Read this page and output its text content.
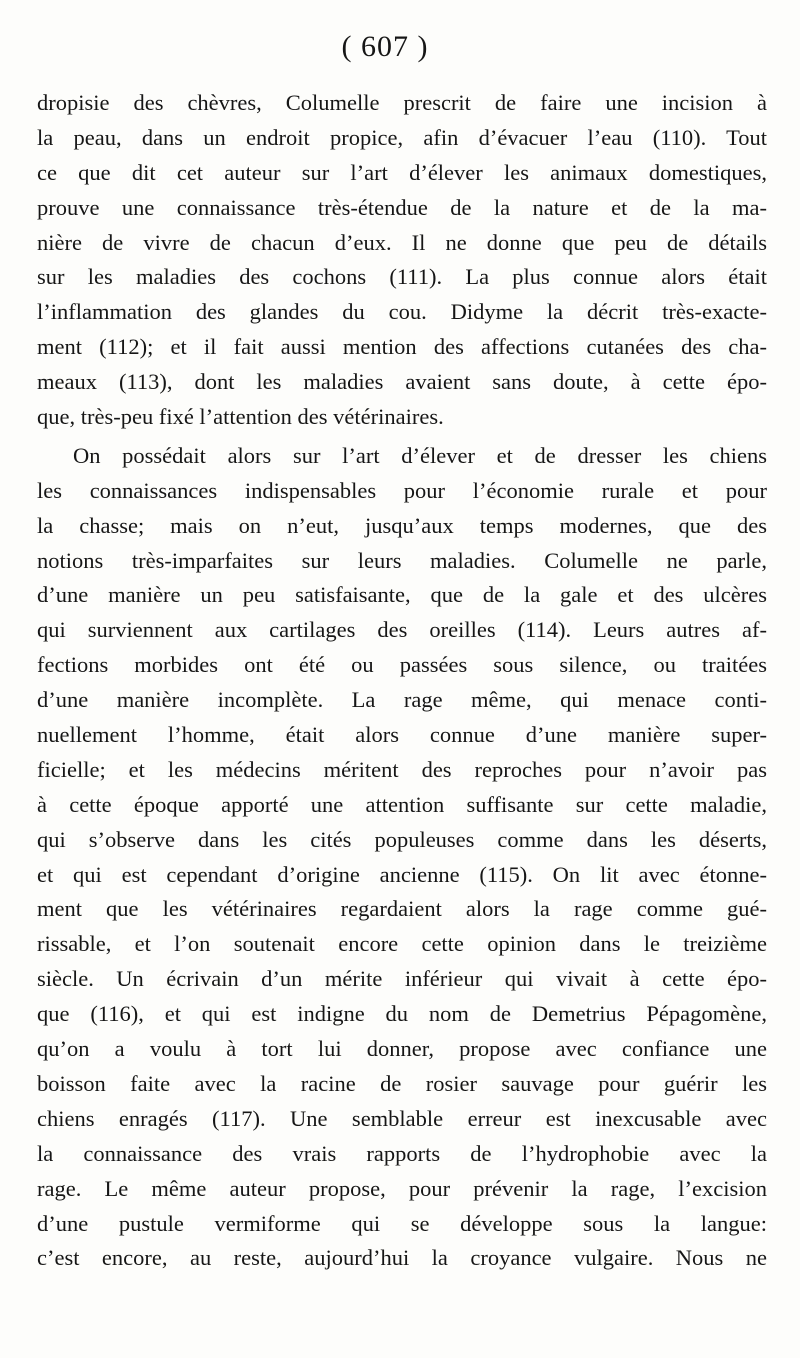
( 607 )
dropisie des chèvres, Columelle prescrit de faire une incision à
la peau, dans un endroit propice, afin d’évacuer l’eau (110). Tout
ce que dit cet auteur sur l’art d’élever les animaux domestiques,
prouve une connaissance très-étendue de la nature et de la ma-
nière de vivre de chacun d’eux. Il ne donne que peu de détails
sur les maladies des cochons (111). La plus connue alors était
l’inflammation des glandes du cou. Didyme la décrit très-exacte-
ment (112); et il fait aussi mention des affections cutanées des cha-
meaux (113), dont les maladies avaient sans doute, à cette épo-
que, très-peu fixé l’attention des vétérinaires.
On possédait alors sur l’art d’élever et de dresser les chiens
les connaissances indispensables pour l’économie rurale et pour
la chasse; mais on n’eut, jusqu’aux temps modernes, que des
notions très-imparfaites sur leurs maladies. Columelle ne parle,
d’une manière un peu satisfaisante, que de la gale et des ulcères
qui surviennent aux cartilages des oreilles (114). Leurs autres af-
fections morbides ont été ou passées sous silence, ou traitées
d’une manière incomplète. La rage même, qui menace conti-
nuellement l’homme, était alors connue d’une manière super-
ficielle; et les médecins méritent des reproches pour n’avoir pas
à cette époque apporté une attention suffisante sur cette maladie,
qui s’observe dans les cités populeuses comme dans les déserts,
et qui est cependant d’origine ancienne (115). On lit avec étonne-
ment que les vétérinaires regardaient alors la rage comme gué-
rissable, et l’on soutenait encore cette opinion dans le treizième
siècle. Un écrivain d’un mérite inférieur qui vivait à cette épo-
que (116), et qui est indigne du nom de Demetrius Pépagomène,
qu’on a voulu à tort lui donner, propose avec confiance une
boisson faite avec la racine de rosier sauvage pour guérir les
chiens enragés (117). Une semblable erreur est inexcusable avec
la connaissance des vrais rapports de l’hydrophobie avec la
rage. Le même auteur propose, pour prévenir la rage, l’excision
d’une pustule vermiforme qui se développe sous la langue:
c’est encore, au reste, aujourd’hui la croyance vulgaire. Nous ne
